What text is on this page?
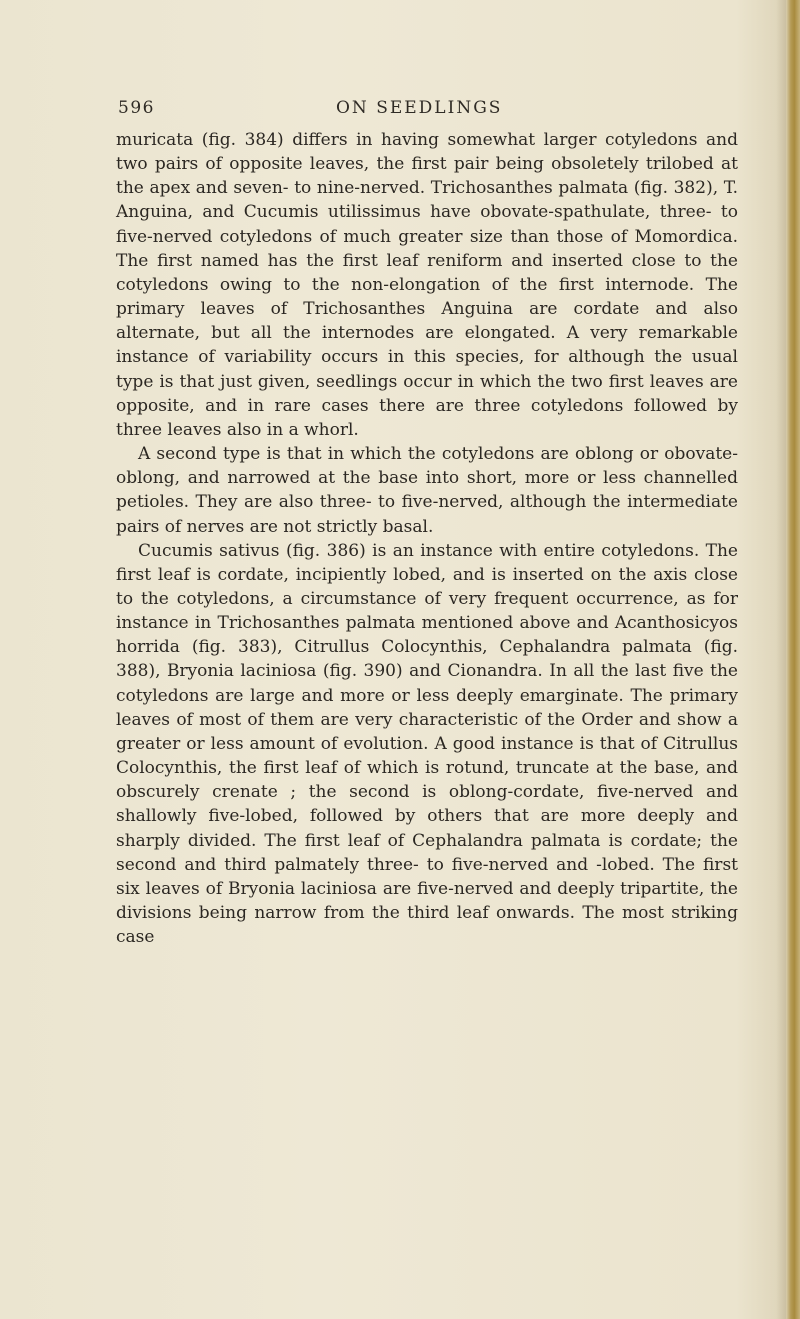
596	ON SEEDLINGS

muricata (fig. 384) differs in having somewhat larger cotyledons and two pairs of opposite leaves, the first pair being obsoletely trilobed at the apex and seven- to nine-nerved. Trichosanthes palmata (fig. 382), T. Anguina, and Cucumis utilissimus have obovate-spathulate, three- to five-nerved cotyledons of much greater size than those of Momordica. The first named has the first leaf reniform and inserted close to the cotyledons owing to the non-elongation of the first internode. The primary leaves of Trichosanthes Anguina are cordate and also alternate, but all the internodes are elongated. A very remarkable instance of variability occurs in this species, for although the usual type is that just given, seedlings occur in which the two first leaves are opposite, and in rare cases there are three cotyledons followed by three leaves also in a whorl.

A second type is that in which the cotyledons are oblong or obovate-oblong, and narrowed at the base into short, more or less channelled petioles. They are also three- to five-nerved, although the intermediate pairs of nerves are not strictly basal.

Cucumis sativus (fig. 386) is an instance with entire cotyledons. The first leaf is cordate, incipiently lobed, and is inserted on the axis close to the cotyledons, a circumstance of very frequent occurrence, as for instance in Trichosanthes palmata mentioned above and Acanthosicyos horrida (fig. 383), Citrullus Colocynthis, Cephalandra palmata (fig. 388), Bryonia laciniosa (fig. 390) and Cionandra. In all the last five the cotyledons are large and more or less deeply emarginate. The primary leaves of most of them are very characteristic of the Order and show a greater or less amount of evolution. A good instance is that of Citrullus Colocynthis, the first leaf of which is rotund, truncate at the base, and obscurely crenate ; the second is oblong-cordate, five-nerved and shallowly five-lobed, followed by others that are more deeply and sharply divided. The first leaf of Cephalandra palmata is cordate; the second and third palmately three- to five-nerved and -lobed. The first six leaves of Bryonia laciniosa are five-nerved and deeply tripartite, the divisions being narrow from the third leaf onwards. The most striking case
